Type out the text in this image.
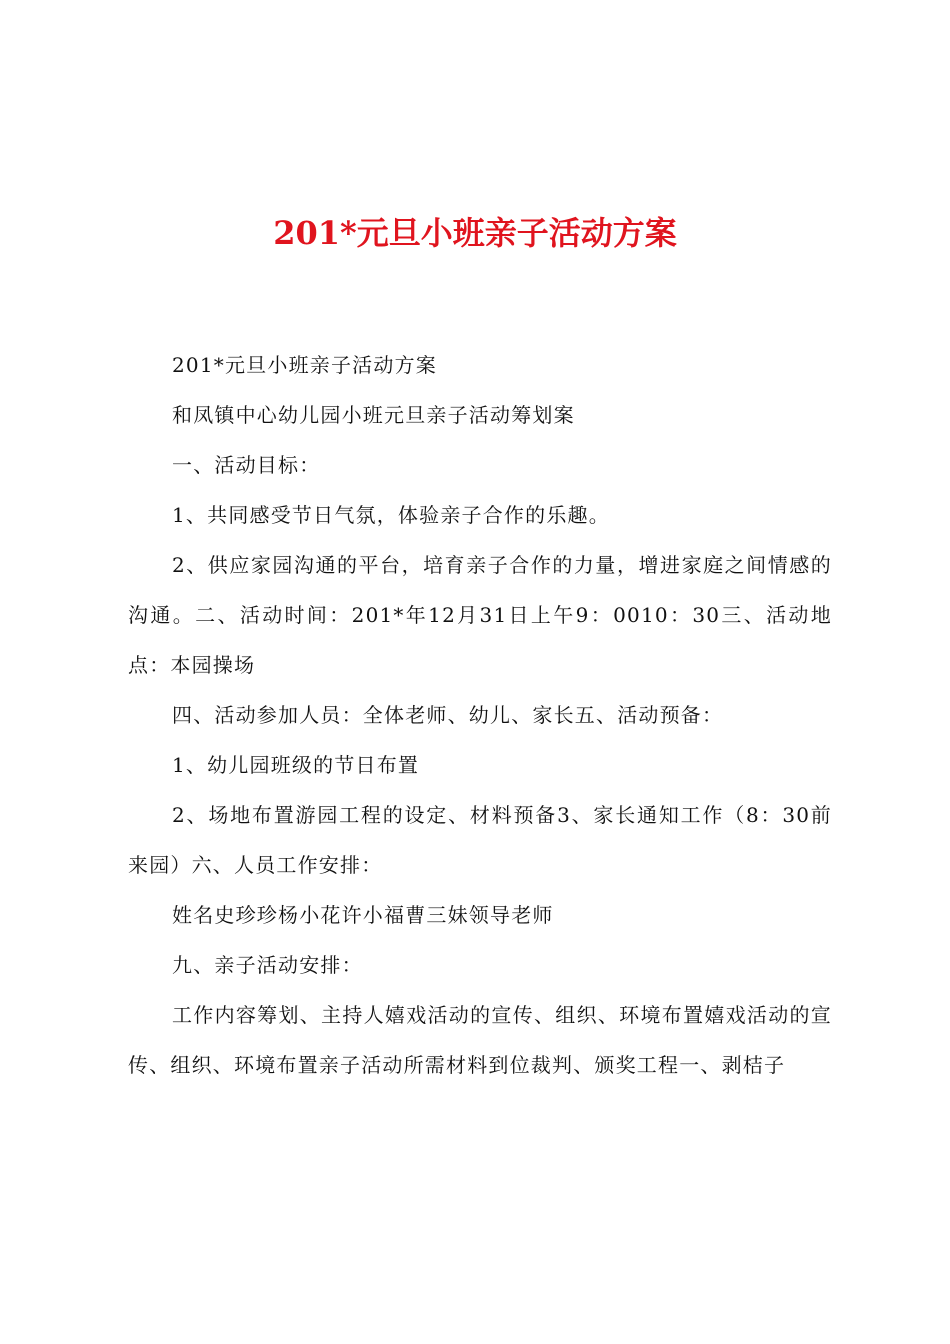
201*元旦小班亲子活动方案

201*元旦小班亲子活动方案

和凤镇中心幼儿园小班元旦亲子活动筹划案

一、活动目标：

1、共同感受节日气氛，体验亲子合作的乐趣。

2、供应家园沟通的平台，培育亲子合作的力量，增进家庭之间情感的沟通。二、活动时间：201*年12月31日上午9：0010：30三、活动地点：本园操场

四、活动参加人员：全体老师、幼儿、家长五、活动预备：

1、幼儿园班级的节日布置

2、场地布置游园工程的设定、材料预备3、家长通知工作（8：30前来园）六、人员工作安排：

姓名史珍珍杨小花许小福曹三妹领导老师

九、亲子活动安排：

工作内容筹划、主持人嬉戏活动的宣传、组织、环境布置嬉戏活动的宣传、组织、环境布置亲子活动所需材料到位裁判、颁奖工程一、剥桔子
